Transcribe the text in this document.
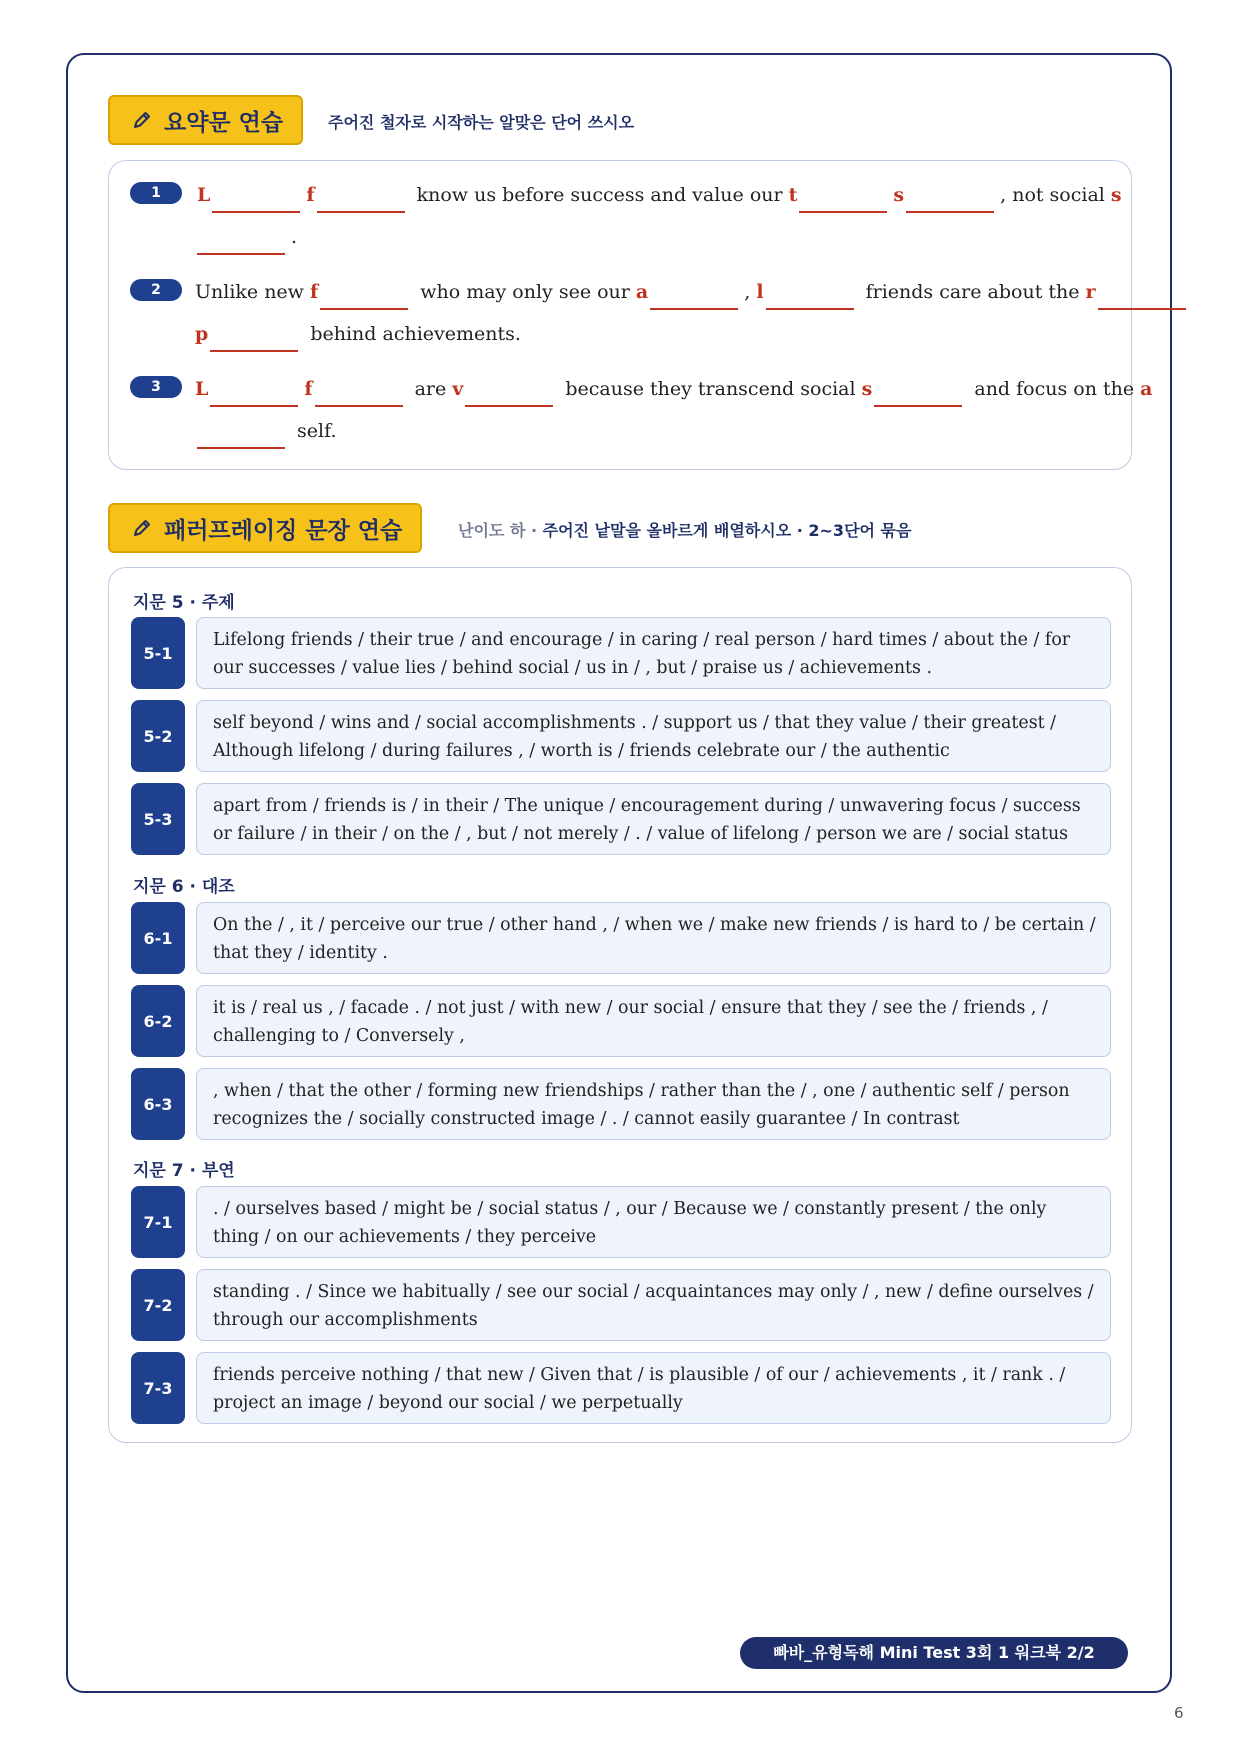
요약문 연습	주어진 철자로 시작하는 알맞은 단어 쓰시오
1	L	f	know us before success and value our t	s	, not social s
.
2	Unlike new f	who may only see our a	, l	friends care about the r
p	behind achievements.
3	L	f	are v	because they transcend social s	and focus on the a
self.
패러프레이징 문장 연습	난이도 하 · 주어진 낱말을 올바르게 배열하시오 · 2~3단어 묶음
지문 5 · 주제
5-1
Lifelong friends / their true / and encourage / in caring / real person / hard times / about the / for our successes / value lies / behind social / us in / , but / praise us / achievements .
5-2
self beyond / wins and / social accomplishments . / support us / that they value / their greatest / Although lifelong / during failures , / worth is / friends celebrate our / the authentic
5-3
apart from / friends is / in their / The unique / encouragement during / unwavering focus / success or failure / in their / on the / , but / not merely / . / value of lifelong / person we are / social status
지문 6 · 대조
6-1
On the / , it / perceive our true / other hand , / when we / make new friends / is hard to / be certain / that they / identity .
6-2
it is / real us , / facade . / not just / with new / our social / ensure that they / see the / friends , / challenging to / Conversely ,
6-3
, when / that the other / forming new friendships / rather than the / , one / authentic self / person recognizes the / socially constructed image / . / cannot easily guarantee / In contrast
지문 7 · 부연
7-1
. / ourselves based / might be / social status / , our / Because we / constantly present / the only thing / on our achievements / they perceive
7-2
standing . / Since we habitually / see our social / acquaintances may only / , new / define ourselves / through our accomplishments
7-3
friends perceive nothing / that new / Given that / is plausible / of our / achievements , it / rank . / project an image / beyond our social / we perpetually
빠바_유형독해 Mini Test 3회 1 워크북 2/2
6
